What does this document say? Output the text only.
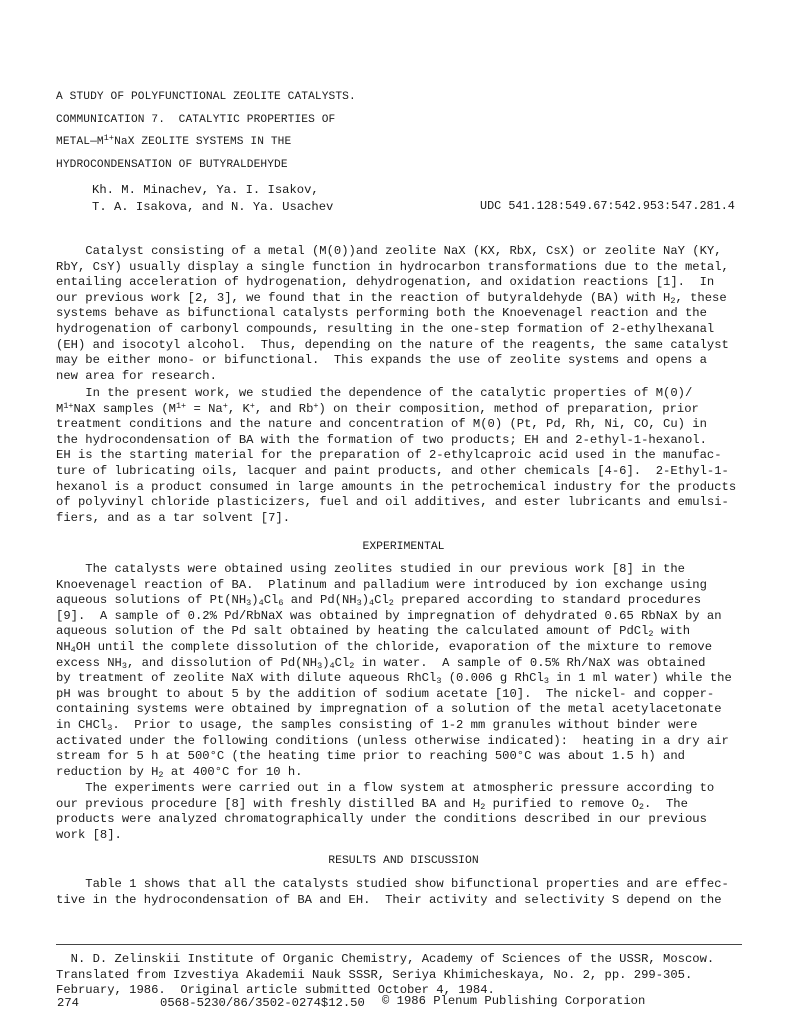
A STUDY OF POLYFUNCTIONAL ZEOLITE CATALYSTS.
COMMUNICATION 7.  CATALYTIC PROPERTIES OF
$METAL—M^{1+}NaX$ ZEOLITE SYSTEMS IN THE
HYDROCONDENSATION OF BUTYRALDEHYDE
Kh. M. Minachev, Ya. I. Isakov,
T. A. Isakova, and N. Ya. Usachev	UDC 541.128:549.67:542.953:547.281.4
Catalyst consisting of a metal (M(0))and zeolite NaX (KX, RbX, CsX) or zeolite NaY (KY,
RbY, CsY) usually display a single function in hydrocarbon transformations due to the metal,
entailing acceleration of hydrogenation, dehydrogenation, and oxidation reactions [1].  In
our previous work [2, 3], we found that in the reaction of butyraldehyde (BA) with $H_2$, these
systems behave as bifunctional catalysts performing both the Knoevenagel reaction and the
hydrogenation of carbonyl compounds, resulting in the one-step formation of 2-ethylhexanal
(EH) and isocotyl alcohol.  Thus, depending on the nature of the reagents, the same catalyst
may be either mono- or bifunctional.  This expands the use of zeolite systems and opens a
new area for research.
In the present work, we studied the dependence of the catalytic properties of M(0)/
$M^{1+}NaX$ samples ($M^{1+} = Na^+$, K+, and Rb+) on their composition, method of preparation, prior
treatment conditions and the nature and concentration of M(0) (Pt, Pd, Rh, Ni, CO, Cu) in
the hydrocondensation of BA with the formation of two products; EH and 2-ethyl-1-hexanol.
EH is the starting material for the preparation of 2-ethylcaproic acid used in the manufac-
ture of lubricating oils, lacquer and paint products, and other chemicals [4-6].  2-Ethyl-1-
hexanol is a product consumed in large amounts in the petrochemical industry for the products
of polyvinyl chloride plasticizers, fuel and oil additives, and ester lubricants and emulsi-
fiers, and as a tar solvent [7].
EXPERIMENTAL
The catalysts were obtained using zeolites studied in our previous work [8] in the
Knoevenagel reaction of BA.  Platinum and palladium were introduced by ion exchange using
aqueous solutions of $Pt(NH_3)_4Cl_6$ and $Pd(NH_3)_4Cl_2$ prepared according to standard procedures
[9].  A sample of 0.2% Pd/RbNaX was obtained by impregnation of dehydrated 0.65 RbNaX by an
aqueous solution of the Pd salt obtained by heating the calculated amount of PdCl$_2$ with
$NH_4OH$ until the complete dissolution of the chloride, evaporation of the mixture to remove
excess $NH_3$, and dissolution of $Pd(NH_3)_4Cl_2$ in water.  A sample of 0.5% Rh/NaX was obtained
by treatment of zeolite NaX with dilute aqueous RhCl$_3$ (0.006 g RhCl$_3$ in 1 ml water) while the
pH was brought to about 5 by the addition of sodium acetate [10].  The nickel- and copper-
containing systems were obtained by impregnation of a solution of the metal acetylacetonate
in CHCl$_3$.  Prior to usage, the samples consisting of 1-2 mm granules without binder were
activated under the following conditions (unless otherwise indicated):  heating in a dry air
stream for 5 h at 500°C (the heating time prior to reaching 500°C was about 1.5 h) and
reduction by $H_2$ at 400°C for 10 h.
The experiments were carried out in a flow system at atmospheric pressure according to
our previous procedure [8] with freshly distilled BA and $H_2$ purified to remove $O_2$.  The
products were analyzed chromatographically under the conditions described in our previous
work [8].
RESULTS AND DISCUSSION
Table 1 shows that all the catalysts studied show bifunctional properties and are effec-
tive in the hydrocondensation of BA and EH.  Their activity and selectivity S depend on the
N. D. Zelinskii Institute of Organic Chemistry, Academy of Sciences of the USSR, Moscow.
Translated from Izvestiya Akademii Nauk SSSR, Seriya Khimicheskaya, No. 2, pp. 299-305.
February, 1986.  Original article submitted October 4, 1984.
274	0568-5230/86/3502-0274$12.50 © 1986 Plenum Publishing Corporation
